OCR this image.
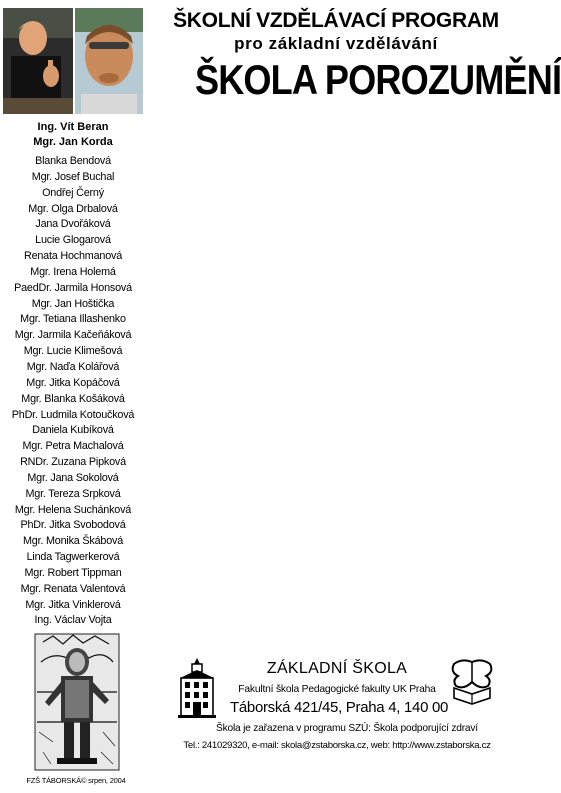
Ing. Vít Beran
Mgr. Jan Korda
Blanka Bendová
Mgr. Josef Buchal
Ondřej Černý
Mgr. Olga Drbalová
Jana Dvořáková
Lucie Glogarová
Renata Hochmanová
Mgr. Irena Holemá
PaedDr. Jarmila Honsová
Mgr. Jan Hoštička
Mgr. Tetiana Illashenko
Mgr. Jarmila Kačeňáková
Mgr. Lucie Klimešová
Mgr. Naďa Kolářová
Mgr. Jitka Kopáčová
Mgr. Blanka Košáková
PhDr. Ludmila Kotoučková
Daniela Kubíková
Mgr. Petra Machalová
RNDr. Zuzana Pipková
Mgr. Jana Sokolová
Mgr. Tereza Srpková
Mgr. Helena Suchánková
PhDr. Jitka Svobodová
Mgr. Monika Škábová
Linda Tagwerkerová
Mgr. Robert Tippman
Mgr. Renata Valentová
Mgr. Jitka Vinklerová
Ing. Václav Vojta
FZŠ TÁBORSKÁ© srpen, 2004
ŠKOLNÍ VZDĚLÁVACÍ PROGRAM
pro základní vzdělávání
ŠKOLA POROZUMĚNÍ
ZÁKLADNÍ ŠKOLA
Fakultní škola Pedagogické fakulty UK Praha
Táborská 421/45, Praha 4, 140 00
Škola je zařazena v programu SZÚ: Škola podporující zdraví
Tel.: 241029320, e-mail: skola@zstaborska.cz, web: http://www.zstaborska.cz
